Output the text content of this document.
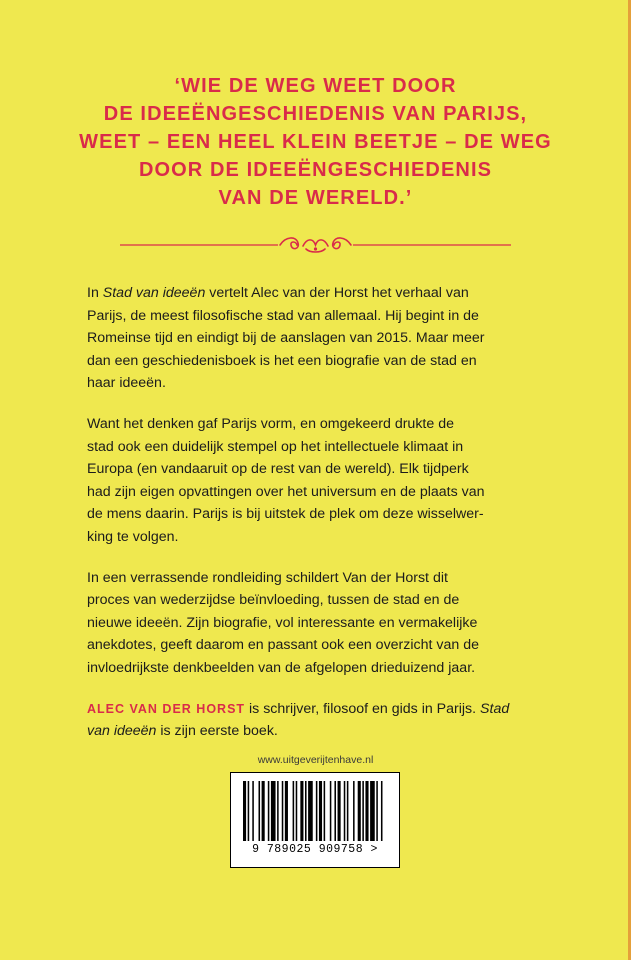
‘WIE DE WEG WEET DOOR
DE IDEEËNGESCHIEDENIS VAN PARIJS,
WEET – EEN HEEL KLEIN BEETJE – DE WEG
DOOR DE IDEEËNGESCHIEDENIS
VAN DE WERELD.’

In Stad van ideeën vertelt Alec van der Horst het verhaal van
Parijs, de meest filosofische stad van allemaal. Hij begint in de
Romeinse tijd en eindigt bij de aanslagen van 2015. Maar meer
dan een geschiedenisboek is het een biografie van de stad en
haar ideeën.

Want het denken gaf Parijs vorm, en omgekeerd drukte de
stad ook een duidelijk stempel op het intellectuele klimaat in
Europa (en vandaaruit op de rest van de wereld). Elk tijdperk
had zijn eigen opvattingen over het universum en de plaats van
de mens daarin. Parijs is bij uitstek de plek om deze wisselwer-
king te volgen.

In een verrassende rondleiding schildert Van der Horst dit
proces van wederzijdse beïnvloeding, tussen de stad en de
nieuwe ideeën. Zijn biografie, vol interessante en vermakelijke
anekdotes, geeft daarom en passant ook een overzicht van de
invloedrijkste denkbeelden van de afgelopen drieduizend jaar.

ALEC VAN DER HORST is schrijver, filosoof en gids in Parijs. Stad
van ideeën is zijn eerste boek.

www.uitgeverijtenhave.nl
9 789025 909758 >
